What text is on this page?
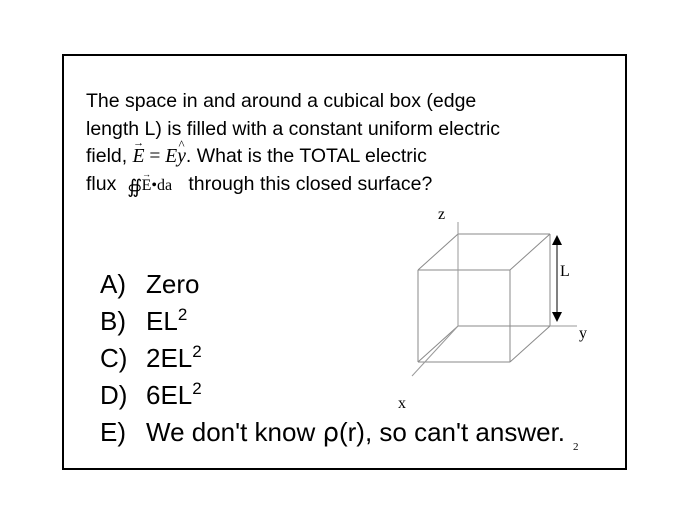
The space in and around a cubical box (edge
length L) is filled with a constant uniform electric
field, → E = E^ y. What is the TOTAL electric
flux ∯ → E•da through this closed surface?
A) Zero
B) $EL^2$
C) $2EL^2$
D) $6EL^2$
E) We don't know ρ(r), so can't answer.
z
y
x
L
2
